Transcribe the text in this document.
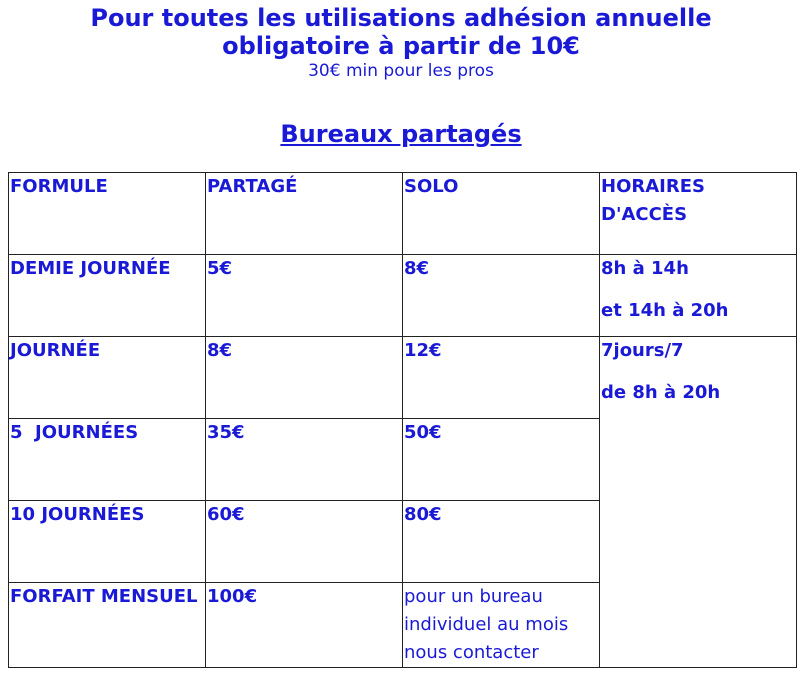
Pour toutes les utilisations adhésion annuelle
obligatoire à partir de 10€
30€ min pour les pros
Bureaux partagés
FORMULE	PARTAGÉ	SOLO	HORAIRES D'ACCÈS
DEMIE JOURNÉE	5€	8€	8h à 14h
et 14h à 20h

JOURNÉE	8€	12€	7jours/7
de 8h à 20h

5  JOURNÉES	35€	50€	
10 JOURNÉES	60€	80€	
FORFAIT MENSUEL	100€	pour un bureau individuel au mois nous contacter	
